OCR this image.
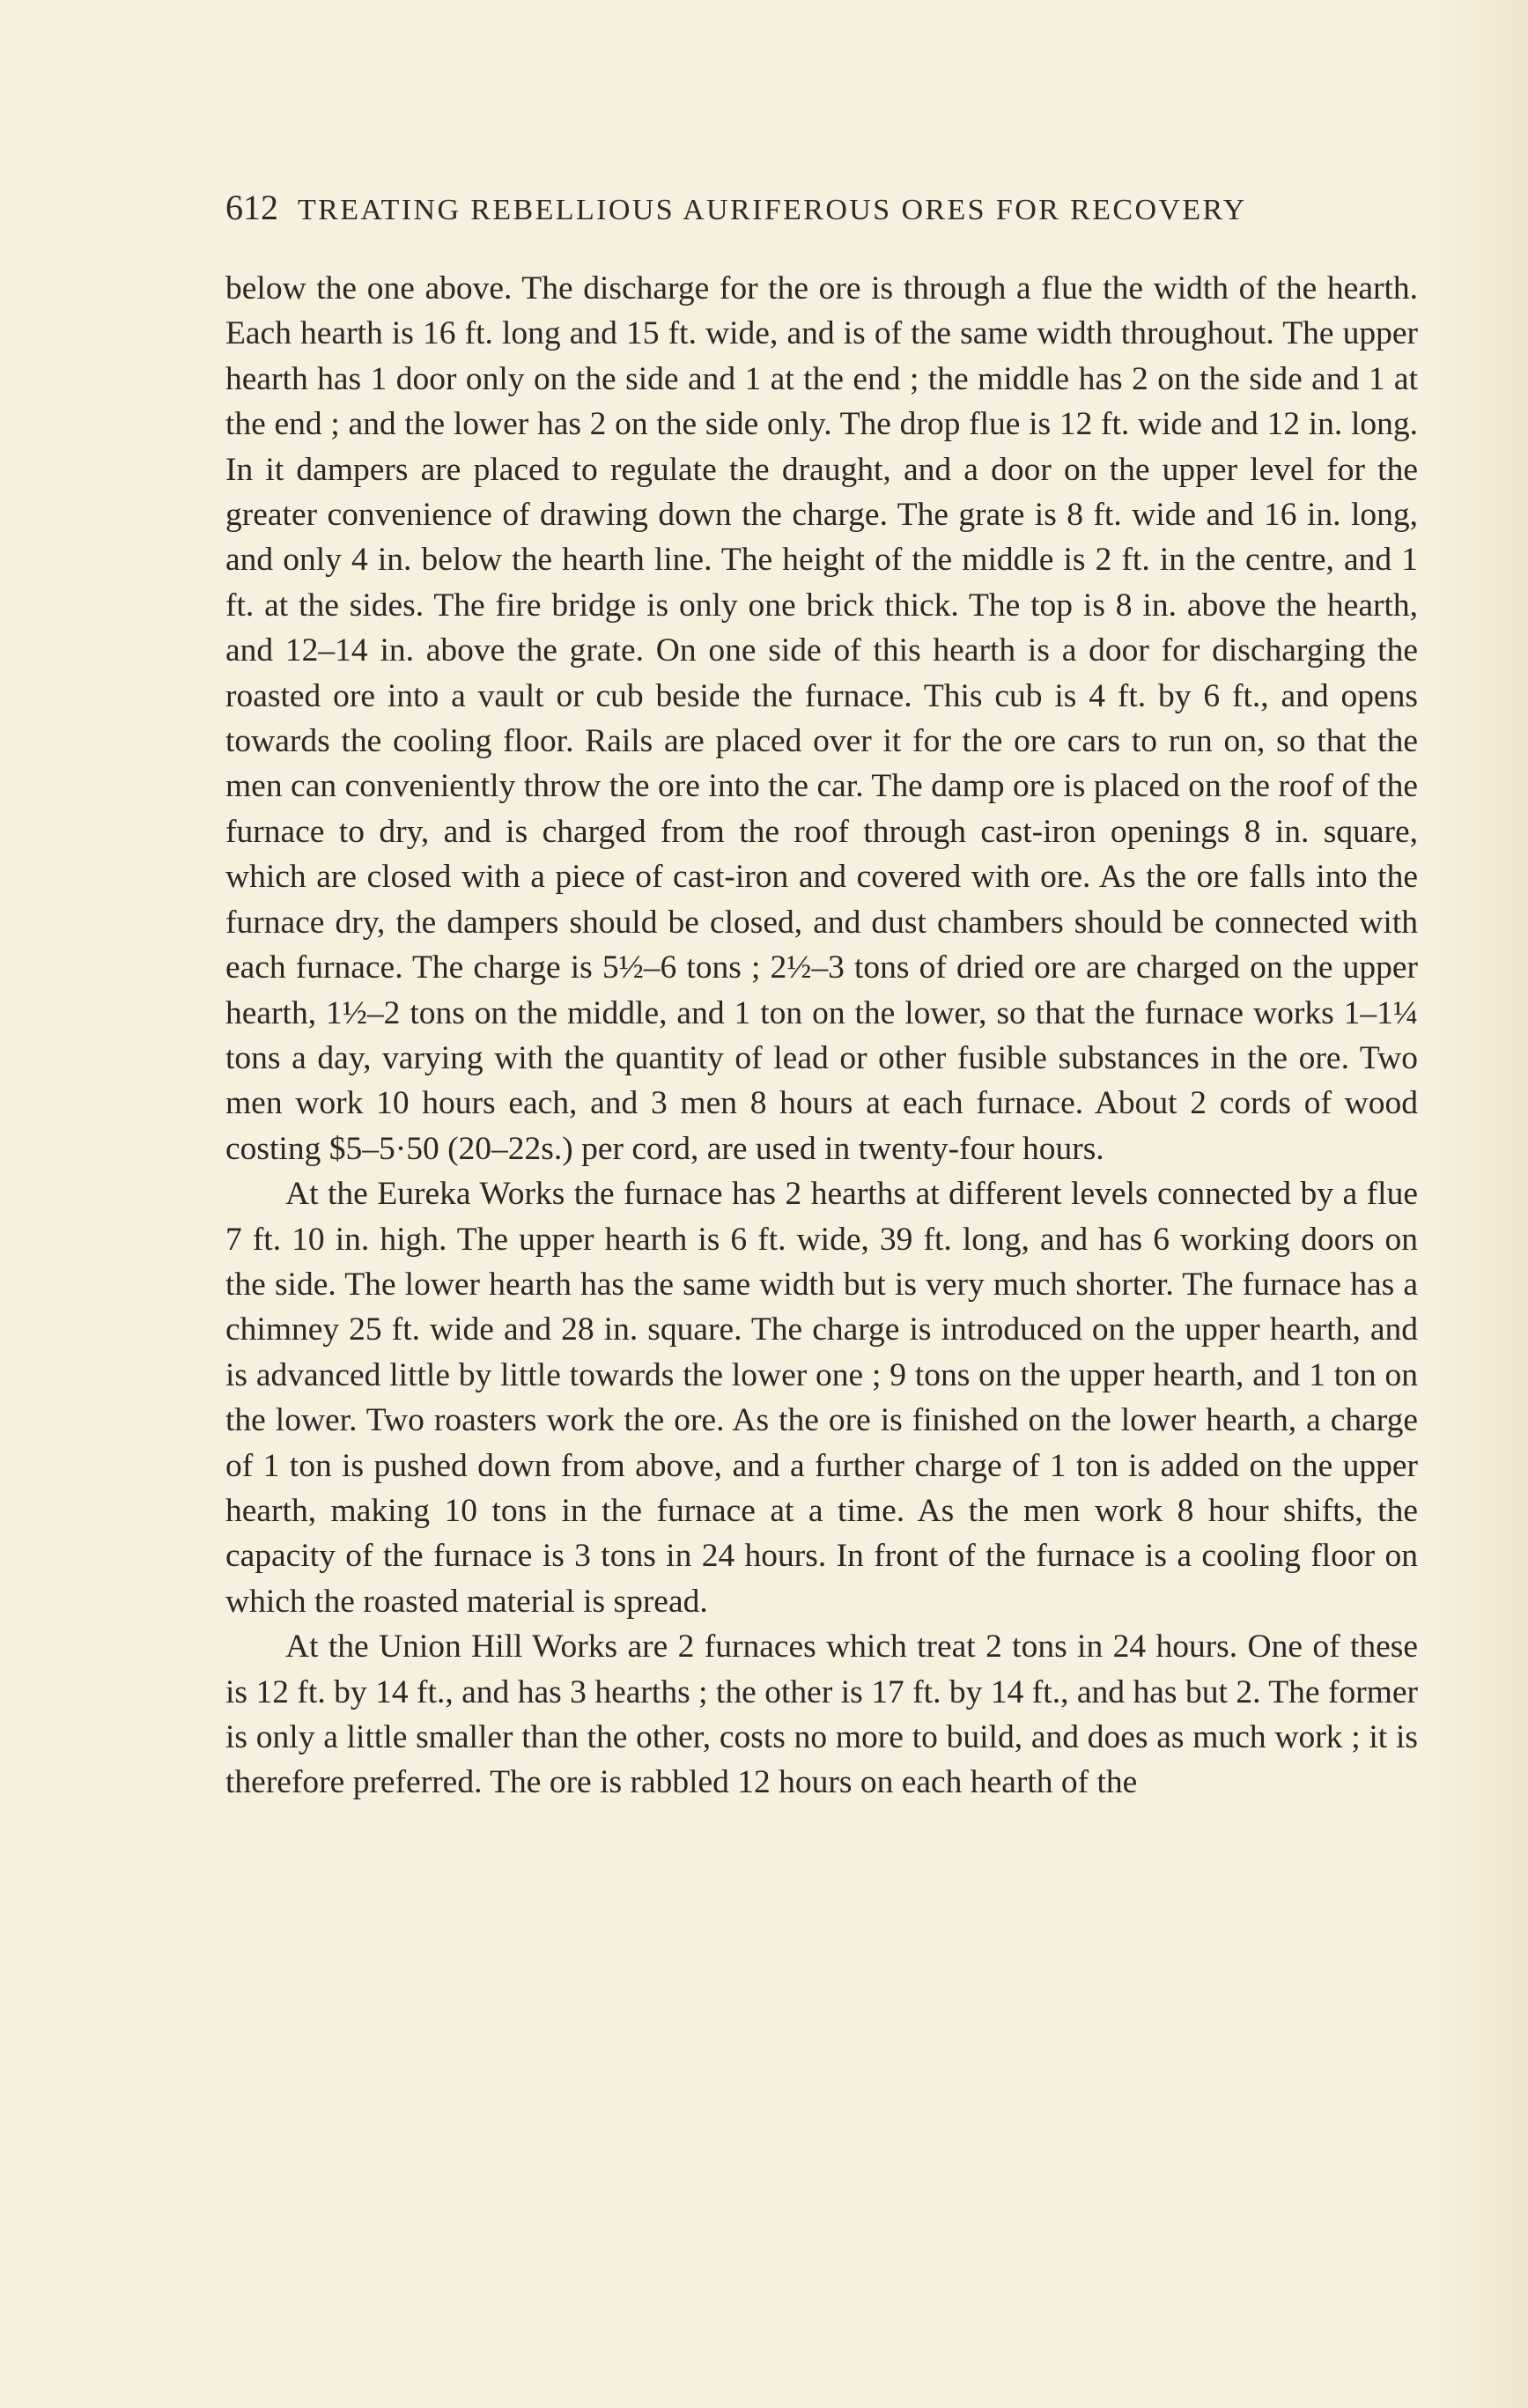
612 TREATING REBELLIOUS AURIFEROUS ORES FOR RECOVERY

below the one above. The discharge for the ore is through a flue the width of the hearth. Each hearth is 16 ft. long and 15 ft. wide, and is of the same width throughout. The upper hearth has 1 door only on the side and 1 at the end ; the middle has 2 on the side and 1 at the end ; and the lower has 2 on the side only. The drop flue is 12 ft. wide and 12 in. long. In it dampers are placed to regulate the draught, and a door on the upper level for the greater convenience of drawing down the charge. The grate is 8 ft. wide and 16 in. long, and only 4 in. below the hearth line. The height of the middle is 2 ft. in the centre, and 1 ft. at the sides. The fire bridge is only one brick thick. The top is 8 in. above the hearth, and 12–14 in. above the grate. On one side of this hearth is a door for discharging the roasted ore into a vault or cub beside the furnace. This cub is 4 ft. by 6 ft., and opens towards the cooling floor. Rails are placed over it for the ore cars to run on, so that the men can conveniently throw the ore into the car. The damp ore is placed on the roof of the furnace to dry, and is charged from the roof through cast-iron openings 8 in. square, which are closed with a piece of cast-iron and covered with ore. As the ore falls into the furnace dry, the dampers should be closed, and dust chambers should be connected with each furnace. The charge is 5½–6 tons ; 2½–3 tons of dried ore are charged on the upper hearth, 1½–2 tons on the middle, and 1 ton on the lower, so that the furnace works 1–1¼ tons a day, varying with the quantity of lead or other fusible substances in the ore. Two men work 10 hours each, and 3 men 8 hours at each furnace. About 2 cords of wood costing $5–5·50 (20–22s.) per cord, are used in twenty-four hours.

At the Eureka Works the furnace has 2 hearths at different levels connected by a flue 7 ft. 10 in. high. The upper hearth is 6 ft. wide, 39 ft. long, and has 6 working doors on the side. The lower hearth has the same width but is very much shorter. The furnace has a chimney 25 ft. wide and 28 in. square. The charge is introduced on the upper hearth, and is advanced little by little towards the lower one ; 9 tons on the upper hearth, and 1 ton on the lower. Two roasters work the ore. As the ore is finished on the lower hearth, a charge of 1 ton is pushed down from above, and a further charge of 1 ton is added on the upper hearth, making 10 tons in the furnace at a time. As the men work 8 hour shifts, the capacity of the furnace is 3 tons in 24 hours. In front of the furnace is a cooling floor on which the roasted material is spread.

At the Union Hill Works are 2 furnaces which treat 2 tons in 24 hours. One of these is 12 ft. by 14 ft., and has 3 hearths ; the other is 17 ft. by 14 ft., and has but 2. The former is only a little smaller than the other, costs no more to build, and does as much work ; it is therefore preferred. The ore is rabbled 12 hours on each hearth of the
